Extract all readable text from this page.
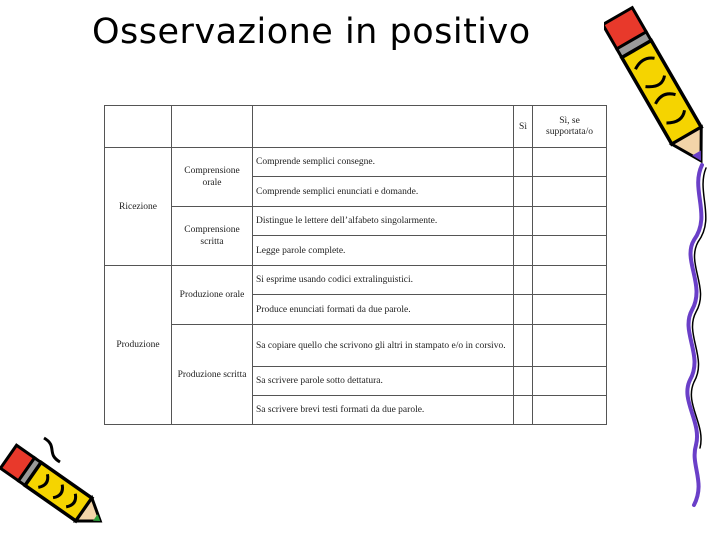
Osservazione in positivo
			Sì	Sì, se supportata/o
Ricezione	Comprensione orale	Comprende semplici consegne.		
		Comprende semplici enunciati e domande.		
	Comprensione scritta	Distingue le lettere dell’alfabeto singolarmente.		
		Legge parole complete.		
Produzione	Produzione orale	Si esprime usando codici extralinguistici.		
		Produce enunciati formati da due parole.		
	Produzione scritta	Sa copiare quello che scrivono gli altri in stampato e/o in corsivo.		
		Sa scrivere parole sotto dettatura.		
		Sa scrivere brevi testi formati da due parole.		
